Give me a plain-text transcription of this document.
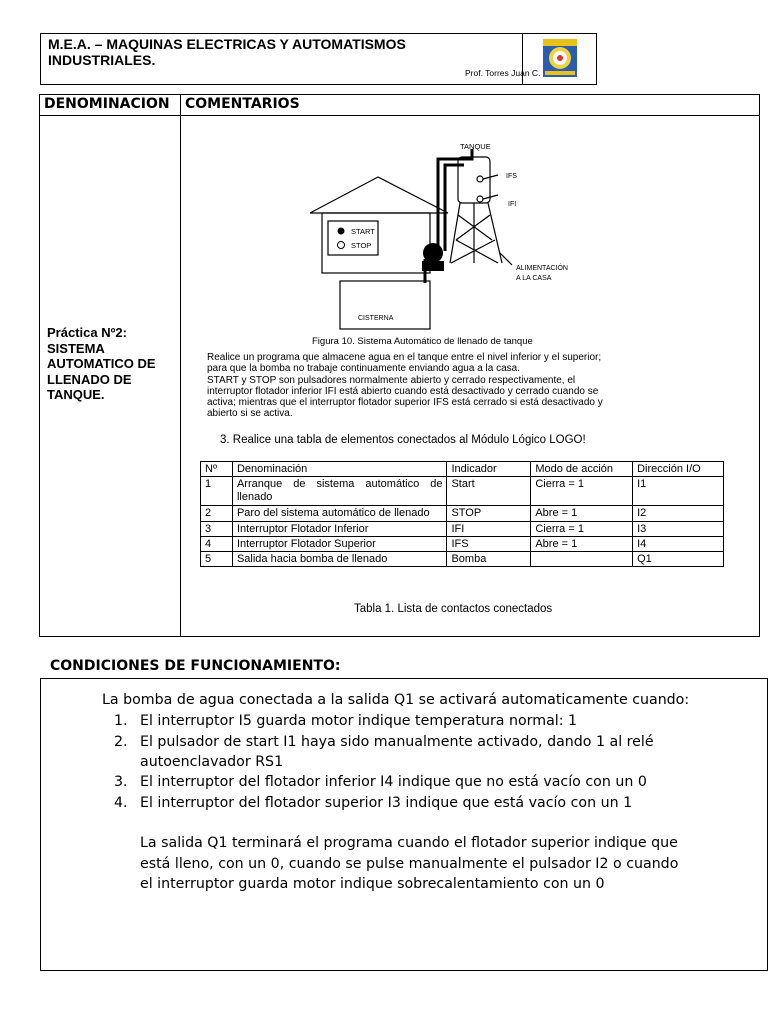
M.E.A. – MAQUINAS ELECTRICAS Y AUTOMATISMOS
INDUSTRIALES.
Prof. Torres Juan C.
DENOMINACION COMENTARIOS
Práctica Nº2:
SISTEMA
AUTOMATICO DE
LLENADO DE
TANQUE.
TANQUE
IFS
IFI
START
STOP
ALIMENTACIÓN
A LA CASA
CISTERNA
Figura 10. Sistema Automático de llenado de tanque
Realice un programa que almacene agua en el tanque entre el nivel inferior y el superior;
para que la bomba no trabaje continuamente enviando agua a la casa.
START y STOP son pulsadores normalmente abierto y cerrado respectivamente, el
interruptor flotador inferior IFI está abierto cuando está desactivado y cerrado cuando se
activa; mientras que el interruptor flotador superior IFS está cerrado si está desactivado y
abierto si se activa.
3. Realice una tabla de elementos conectados al Módulo Lógico LOGO!
Nº	Denominación	Indicador	Modo de acción	Dirección I/O
1	Arranque de sistema automático de llenado	Start	Cierra = 1	I1
2	Paro del sistema automático de llenado	STOP	Abre = 1	I2
3	Interruptor Flotador Inferior	IFI	Cierra = 1	I3
4	Interruptor Flotador Superior	IFS	Abre = 1	I4
5	Salida hacia bomba de llenado	Bomba		Q1
Tabla 1. Lista de contactos conectados
CONDICIONES DE FUNCIONAMIENTO:
La bomba de agua conectada a la salida Q1 se activará automaticamente cuando:
1. El interruptor I5 guarda motor indique temperatura normal: 1
2. El pulsador de start I1 haya sido manualmente activado, dando 1 al relé
autoenclavador RS1
3. El interruptor del flotador inferior I4 indique que no está vacío con un 0
4. El interruptor del flotador superior I3 indique que está vacío con un 1
La salida Q1 terminará el programa cuando el flotador superior indique que
está lleno, con un 0, cuando se pulse manualmente el pulsador I2 o cuando
el interruptor guarda motor indique sobrecalentamiento con un 0
